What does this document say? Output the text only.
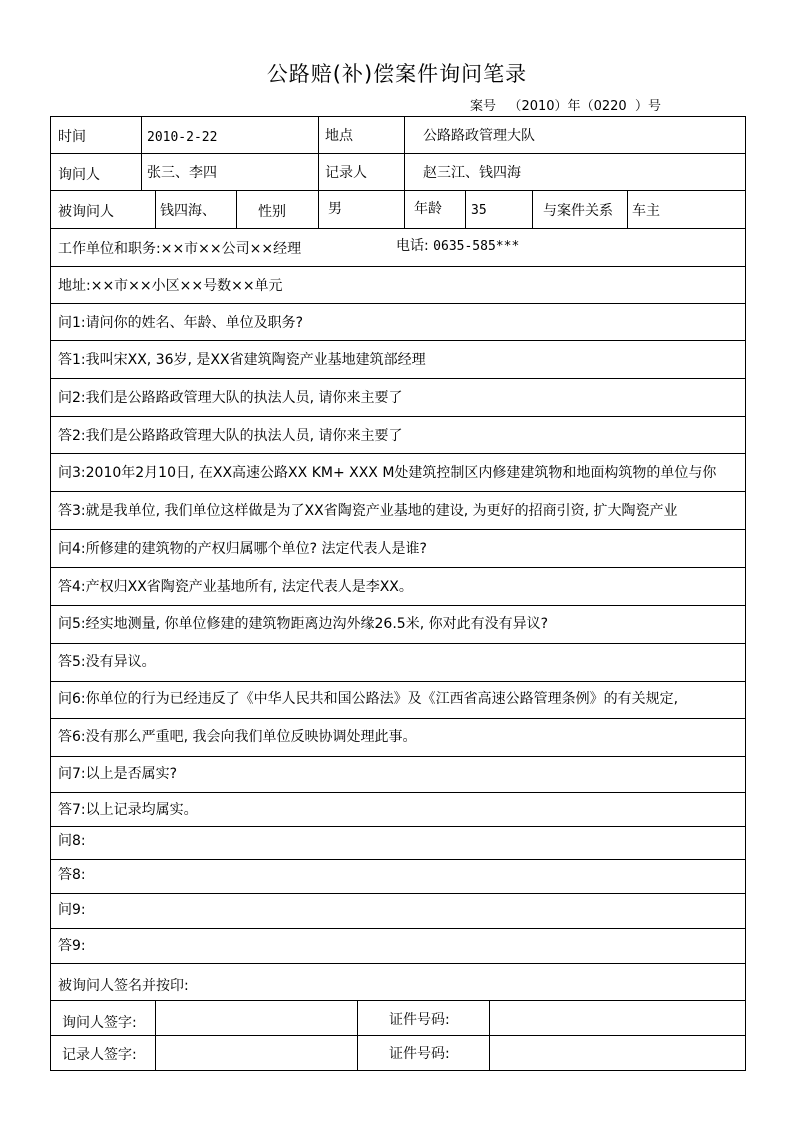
公路赔(补)偿案件询问笔录
案号 （2010）年（0220 ）号
时间	2010-2-22	地点	公路路政管理大队
询问人	张三、李四	记录人	赵三江、钱四海
被询问人	钱四海、	性别	男	年龄 35	与案件关系 车主
工作单位和职务:××市××公司××经理	电话: 0635-585***
地址:××市××小区××号数××单元
问1:请问你的姓名、年龄、单位及职务?
答1:我叫宋XX, 36岁, 是XX省建筑陶瓷产业基地建筑部经理
问2:我们是公路路政管理大队的执法人员, 请你来主要了
答2:我们是公路路政管理大队的执法人员, 请你来主要了
问3:2010年2月10日, 在XX高速公路XX KM+ XXX M处建筑控制区内修建建筑物和地面构筑物的单位与你
答3:就是我单位, 我们单位这样做是为了XX省陶瓷产业基地的建设, 为更好的招商引资, 扩大陶瓷产业
问4:所修建的建筑物的产权归属哪个单位? 法定代表人是谁?
答4:产权归XX省陶瓷产业基地所有, 法定代表人是李XX。
问5:经实地测量, 你单位修建的建筑物距离边沟外缘26.5米, 你对此有没有异议?
答5:没有异议。
问6:你单位的行为已经违反了《中华人民共和国公路法》及《江西省高速公路管理条例》的有关规定,
答6:没有那么严重吧, 我会向我们单位反映协调处理此事。
问7:以上是否属实?
答7:以上记录均属实。
问8:
答8:
问9:
答9:
被询问人签名并按印:
询问人签字:	证件号码:
记录人签字:	证件号码:
